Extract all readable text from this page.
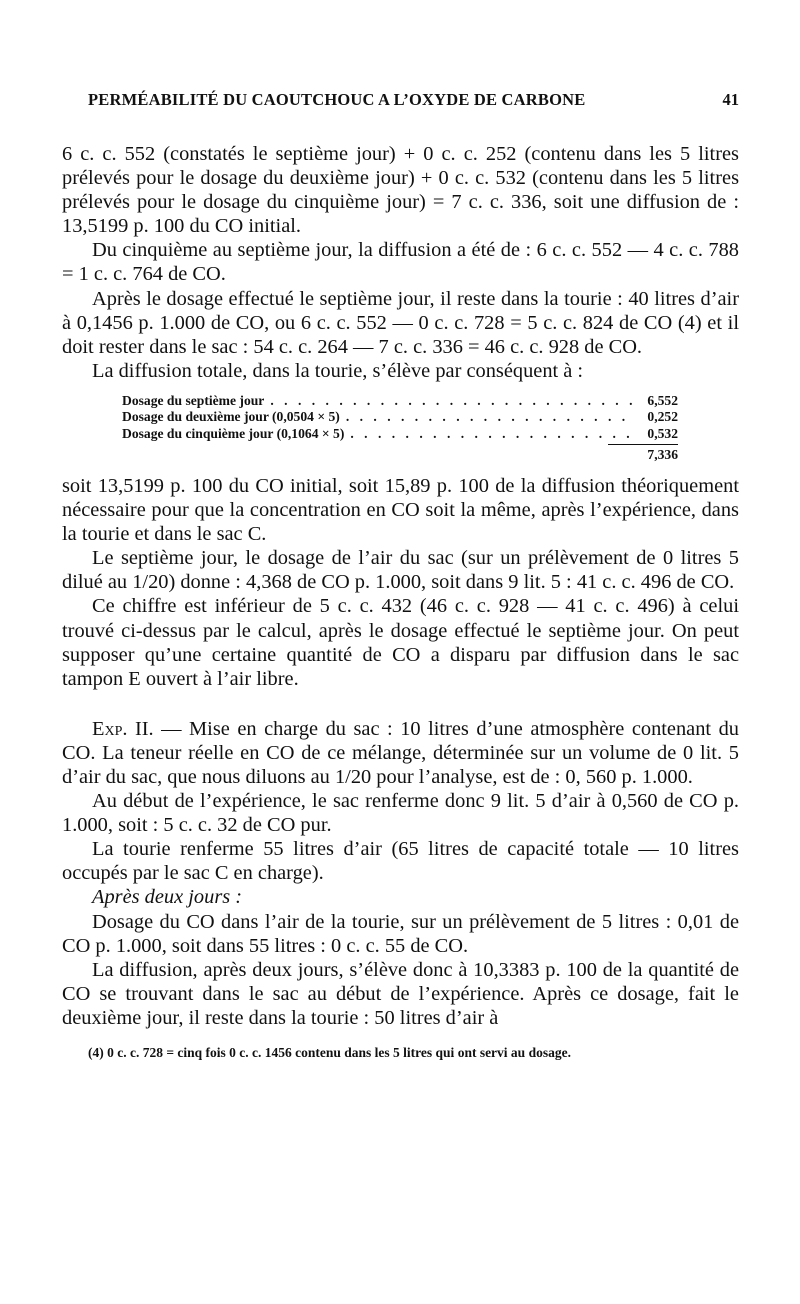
PERMÉABILITÉ DU CAOUTCHOUC A L’OXYDE DE CARBONE	41

6 c. c. 552 (constatés le septième jour) + 0 c. c. 252 (contenu dans les 5 litres prélevés pour le dosage du deuxième jour) + 0 c. c. 532 (contenu dans les 5 litres prélevés pour le dosage du cinquième jour) = 7 c. c. 336, soit une diffusion de : 13,5199 p. 100 du CO initial.

Du cinquième au septième jour, la diffusion a été de : 6 c. c. 552 — 4 c. c. 788 = 1 c. c. 764 de CO.

Après le dosage effectué le septième jour, il reste dans la tourie : 40 litres d’air à 0,1456 p. 1.000 de CO, ou 6 c. c. 552 — 0 c. c. 728 = 5 c. c. 824 de CO (4) et il doit rester dans le sac : 54 c. c. 264 — 7 c. c. 336 = 46 c. c. 928 de CO.

La diffusion totale, dans la tourie, s’élève par conséquent à :

Dosage du septième jour . . .	6,552
Dosage du deuxième jour (0,0504 × 5) . . .	0,252
Dosage du cinquième jour (0,1064 × 5) . . .	0,532
7,336

soit 13,5199 p. 100 du CO initial, soit 15,89 p. 100 de la diffusion théoriquement nécessaire pour que la concentration en CO soit la même, après l’expérience, dans la tourie et dans le sac C.

Le septième jour, le dosage de l’air du sac (sur un prélèvement de 0 litres 5 dilué au 1/20) donne : 4,368 de CO p. 1.000, soit dans 9 lit. 5 : 41 c. c. 496 de CO.

Ce chiffre est inférieur de 5 c. c. 432 (46 c. c. 928 — 41 c. c. 496) à celui trouvé ci-dessus par le calcul, après le dosage effectué le septième jour. On peut supposer qu’une certaine quantité de CO a disparu par diffusion dans le sac tampon E ouvert à l’air libre.

Exp. II. — Mise en charge du sac : 10 litres d’une atmosphère contenant du CO. La teneur réelle en CO de ce mélange, déterminée sur un volume de 0 lit. 5 d’air du sac, que nous diluons au 1/20 pour l’analyse, est de : 0, 560 p. 1.000.

Au début de l’expérience, le sac renferme donc 9 lit. 5 d’air à 0,560 de CO p. 1.000, soit : 5 c. c. 32 de CO pur.

La tourie renferme 55 litres d’air (65 litres de capacité totale — 10 litres occupés par le sac C en charge).

Après deux jours :

Dosage du CO dans l’air de la tourie, sur un prélèvement de 5 litres : 0,01 de CO p. 1.000, soit dans 55 litres : 0 c. c. 55 de CO.

La diffusion, après deux jours, s’élève donc à 10,3383 p. 100 de la quantité de CO se trouvant dans le sac au début de l’expérience. Après ce dosage, fait le deuxième jour, il reste dans la tourie : 50 litres d’air à

(4) 0 c. c. 728 = cinq fois 0 c. c. 1456 contenu dans les 5 litres qui ont servi au dosage.
